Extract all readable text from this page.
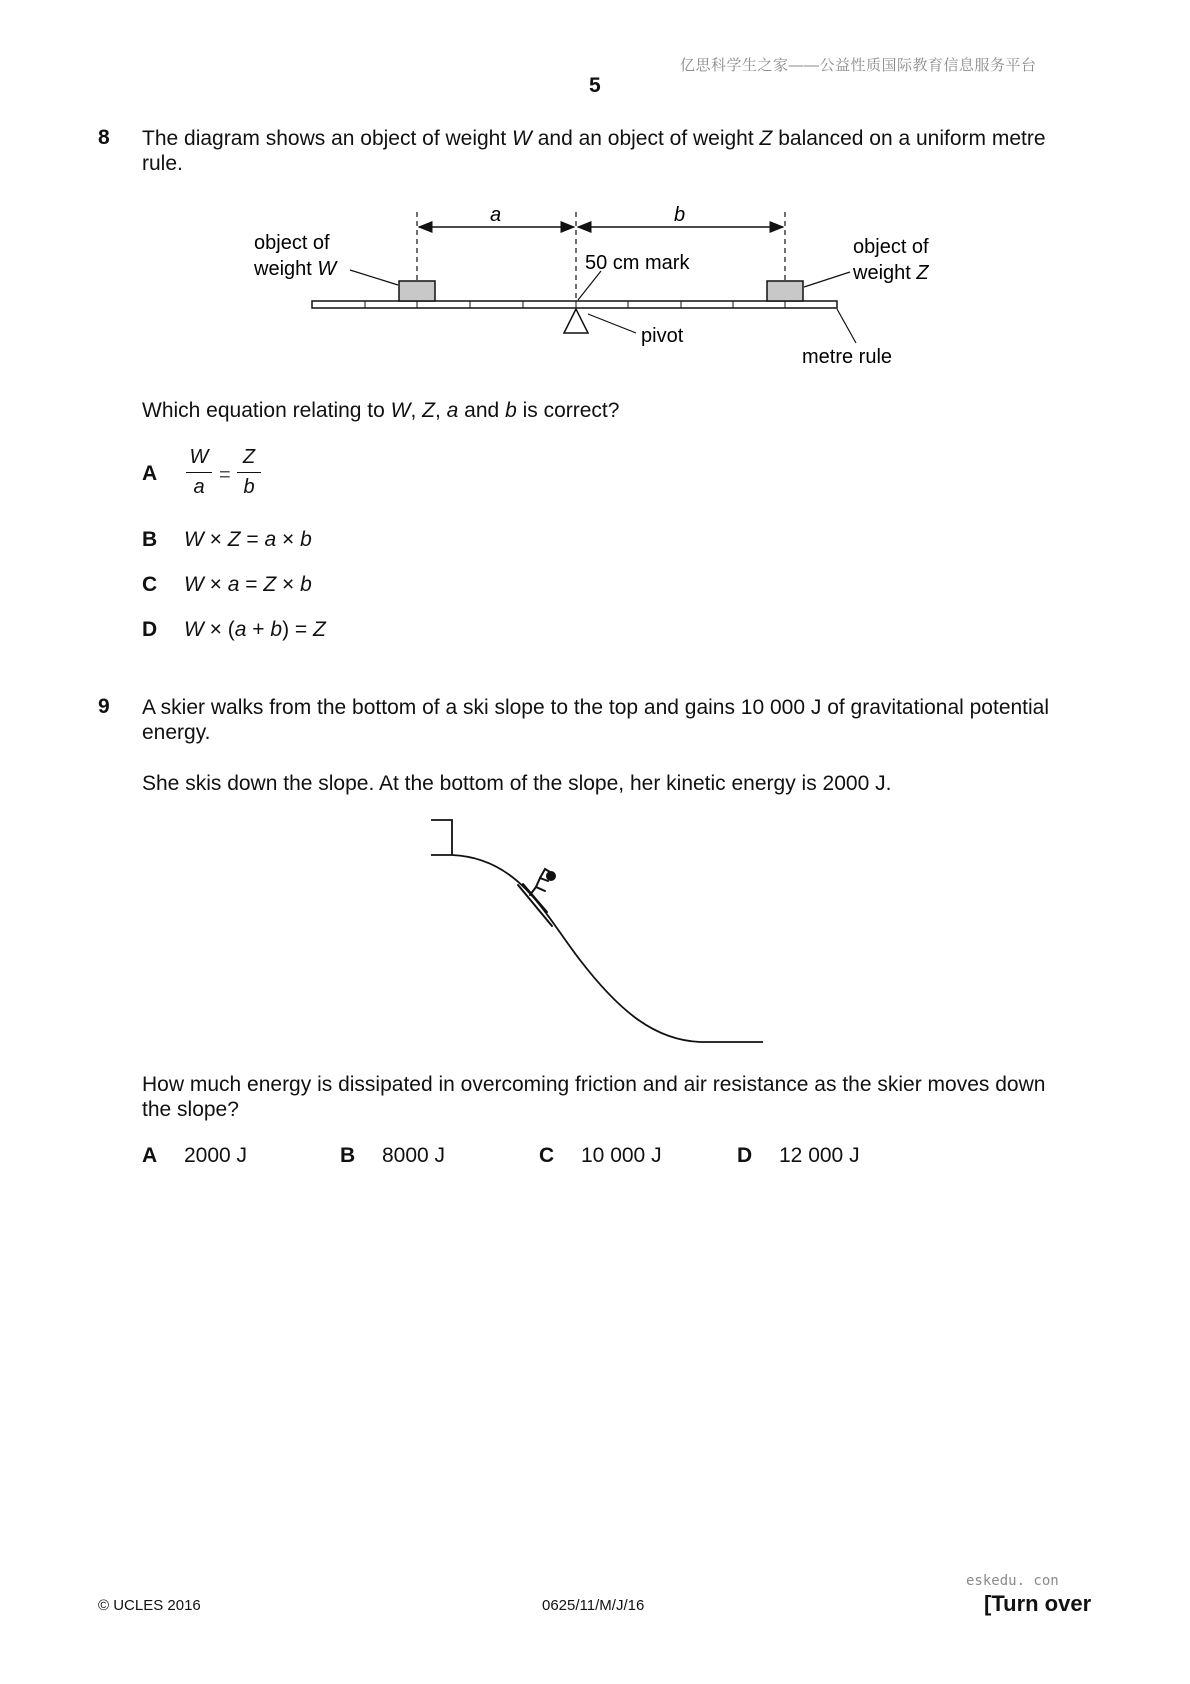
亿思科学生之家——公益性质国际教育信息服务平台
5
8 The diagram shows an object of weight W and an object of weight Z balanced on a uniform metre
rule.
a	b
object of
weight W
object of
weight Z
50 cm mark
pivot
metre rule
Which equation relating to W, Z, a and b is correct?
A
W
a
=
Z
b
B W × Z = a × b
C W × a = Z × b
D W × (a + b) = Z
9 A skier walks from the bottom of a ski slope to the top and gains 10 000 J of gravitational potential
energy.
She skis down the slope. At the bottom of the slope, her kinetic energy is 2000 J.
How much energy is dissipated in overcoming friction and air resistance as the skier moves down
the slope?
A 2000 J	B 8000 J	C 10 000 J	D 12 000 J
eskedu. con
© UCLES 2016	0625/11/M/J/16	[Turn over
